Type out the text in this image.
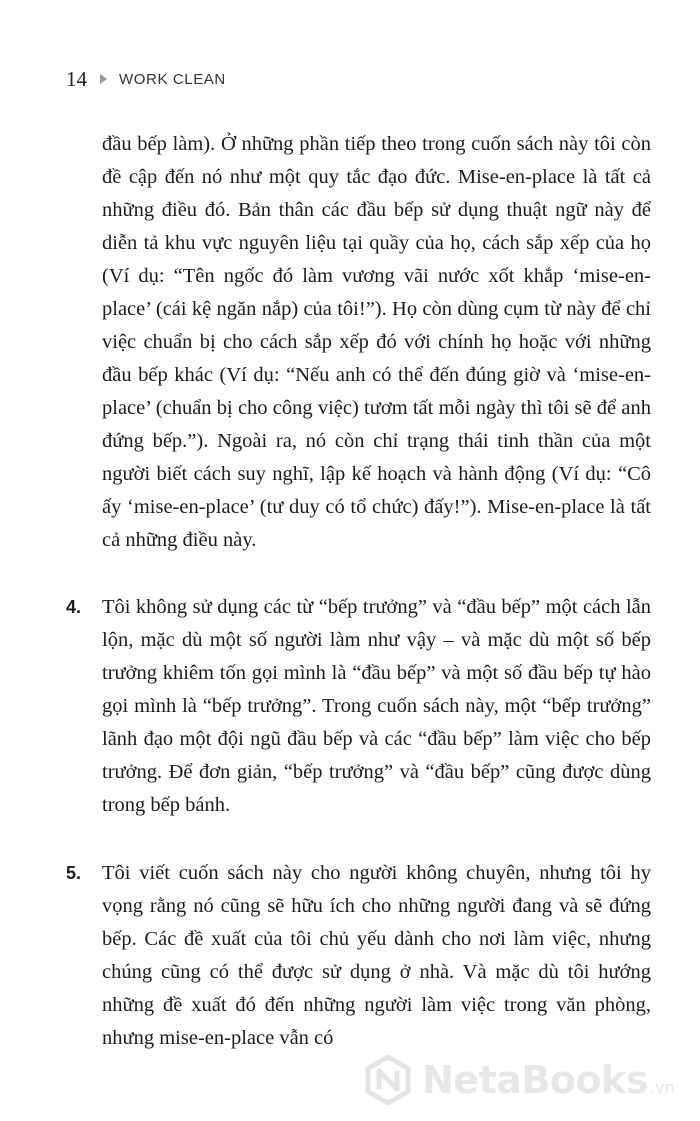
14 WORK CLEAN

đầu bếp làm). Ở những phần tiếp theo trong cuốn sách này tôi còn đề cập đến nó như một quy tắc đạo đức. Mise-en-place là tất cả những điều đó. Bản thân các đầu bếp sử dụng thuật ngữ này để diễn tả khu vực nguyên liệu tại quầy của họ, cách sắp xếp của họ (Ví dụ: “Tên ngốc đó làm vương vãi nước xốt khắp ‘mise-en-place’ (cái kệ ngăn nắp) của tôi!”). Họ còn dùng cụm từ này để chỉ việc chuẩn bị cho cách sắp xếp đó với chính họ hoặc với những đầu bếp khác (Ví dụ: “Nếu anh có thể đến đúng giờ và ‘mise-en-place’ (chuẩn bị cho công việc) tươm tất mỗi ngày thì tôi sẽ để anh đứng bếp.”). Ngoài ra, nó còn chỉ trạng thái tinh thần của một người biết cách suy nghĩ, lập kế hoạch và hành động (Ví dụ: “Cô ấy ‘mise-en-place’ (tư duy có tổ chức) đấy!”). Mise-en-place là tất cả những điều này.

4. Tôi không sử dụng các từ “bếp trưởng” và “đầu bếp” một cách lẫn lộn, mặc dù một số người làm như vậy – và mặc dù một số bếp trưởng khiêm tốn gọi mình là “đầu bếp” và một số đầu bếp tự hào gọi mình là “bếp trưởng”. Trong cuốn sách này, một “bếp trưởng” lãnh đạo một đội ngũ đầu bếp và các “đầu bếp” làm việc cho bếp trưởng. Để đơn giản, “bếp trưởng” và “đầu bếp” cũng được dùng trong bếp bánh.

5. Tôi viết cuốn sách này cho người không chuyên, nhưng tôi hy vọng rằng nó cũng sẽ hữu ích cho những người đang và sẽ đứng bếp. Các đề xuất của tôi chủ yếu dành cho nơi làm việc, nhưng chúng cũng có thể được sử dụng ở nhà. Và mặc dù tôi hướng những đề xuất đó đến những người làm việc trong văn phòng, nhưng mise-en-place vẫn có

NetaBooks .vn
